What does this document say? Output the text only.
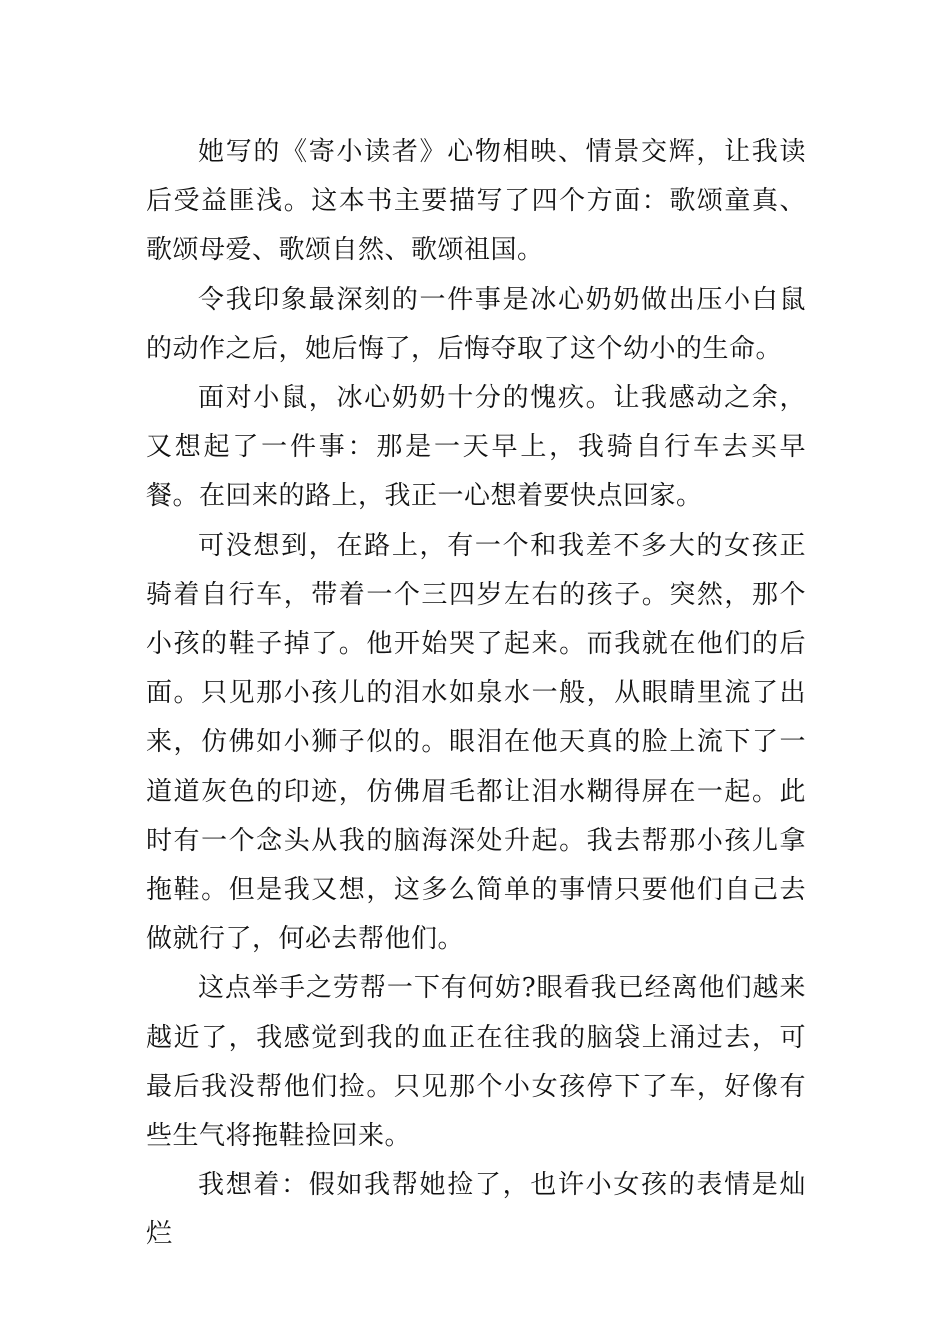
她写的《寄小读者》心物相映、情景交辉，让我读后受益匪浅。这本书主要描写了四个方面：歌颂童真、歌颂母爱、歌颂自然、歌颂祖国。

令我印象最深刻的一件事是冰心奶奶做出压小白鼠的动作之后，她后悔了，后悔夺取了这个幼小的生命。

面对小鼠，冰心奶奶十分的愧疚。让我感动之余，又想起了一件事：那是一天早上，我骑自行车去买早餐。在回来的路上，我正一心想着要快点回家。

可没想到，在路上，有一个和我差不多大的女孩正骑着自行车，带着一个三四岁左右的孩子。突然，那个小孩的鞋子掉了。他开始哭了起来。而我就在他们的后面。只见那小孩儿的泪水如泉水一般，从眼睛里流了出来，仿佛如小狮子似的。眼泪在他天真的脸上流下了一道道灰色的印迹，仿佛眉毛都让泪水糊得屏在一起。此时有一个念头从我的脑海深处升起。我去帮那小孩儿拿拖鞋。但是我又想，这多么简单的事情只要他们自己去做就行了，何必去帮他们。

这点举手之劳帮一下有何妨?眼看我已经离他们越来越近了，我感觉到我的血正在往我的脑袋上涌过去，可最后我没帮他们捡。只见那个小女孩停下了车，好像有些生气将拖鞋捡回来。

我想着：假如我帮她捡了，也许小女孩的表情是灿烂
